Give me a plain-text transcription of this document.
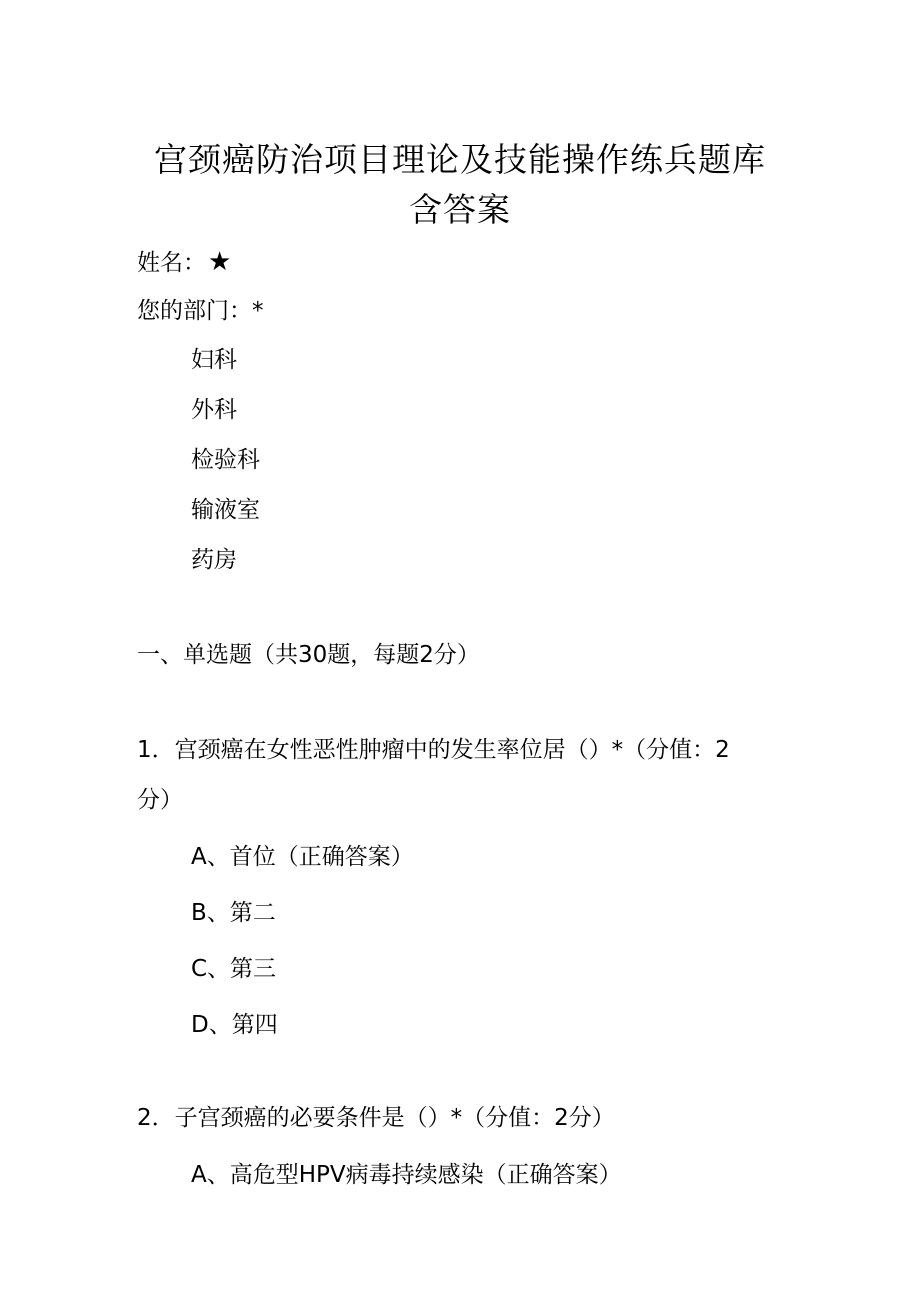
宫颈癌防治项目理论及技能操作练兵题库
含答案
姓名：★
您的部门：*
妇科
外科
检验科
输液室
药房
一、单选题（共30题，每题2分）
1．宫颈癌在女性恶性肿瘤中的发生率位居（）*（分值：2
分）
A、首位（正确答案）
B、第二
C、第三
D、第四
2．子宫颈癌的必要条件是（）*（分值：2分）
A、高危型HPV病毒持续感染（正确答案）
